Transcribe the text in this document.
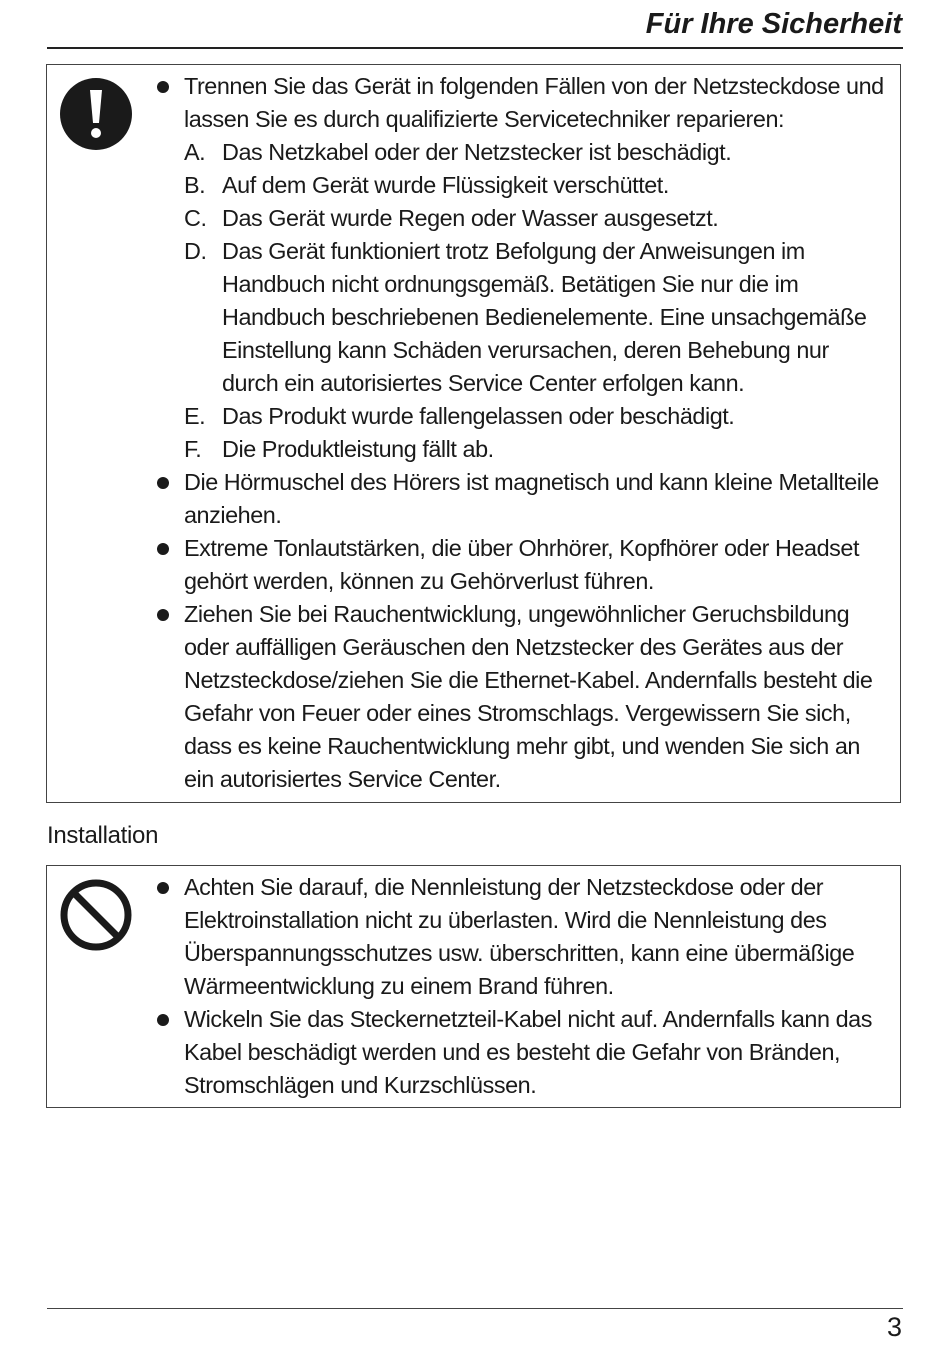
Für Ihre Sicherheit
Trennen Sie das Gerät in folgenden Fällen von der Netzsteckdose und lassen Sie es durch qualifizierte Servicetechniker reparieren:
A. Das Netzkabel oder der Netzstecker ist beschädigt.
B. Auf dem Gerät wurde Flüssigkeit verschüttet.
C. Das Gerät wurde Regen oder Wasser ausgesetzt.
D. Das Gerät funktioniert trotz Befolgung der Anweisungen im Handbuch nicht ordnungsgemäß. Betätigen Sie nur die im Handbuch beschriebenen Bedienelemente. Eine unsachgemäße Einstellung kann Schäden verursachen, deren Behebung nur durch ein autorisiertes Service Center erfolgen kann.
E. Das Produkt wurde fallengelassen oder beschädigt.
F. Die Produktleistung fällt ab.
Die Hörmuschel des Hörers ist magnetisch und kann kleine Metallteile anziehen.
Extreme Tonlautstärken, die über Ohrhörer, Kopfhörer oder Headset gehört werden, können zu Gehörverlust führen.
Ziehen Sie bei Rauchentwicklung, ungewöhnlicher Geruchsbildung oder auffälligen Geräuschen den Netzstecker des Gerätes aus der Netzsteckdose/ziehen Sie die Ethernet-Kabel. Andernfalls besteht die Gefahr von Feuer oder eines Stromschlags. Vergewissern Sie sich, dass es keine Rauchentwicklung mehr gibt, und wenden Sie sich an ein autorisiertes Service Center.
Installation
Achten Sie darauf, die Nennleistung der Netzsteckdose oder der Elektroinstallation nicht zu überlasten. Wird die Nennleistung des Überspannungsschutzes usw. überschritten, kann eine übermäßige Wärmeentwicklung zu einem Brand führen.
Wickeln Sie das Steckernetzteil-Kabel nicht auf. Andernfalls kann das Kabel beschädigt werden und es besteht die Gefahr von Bränden, Stromschlägen und Kurzschlüssen.
3
